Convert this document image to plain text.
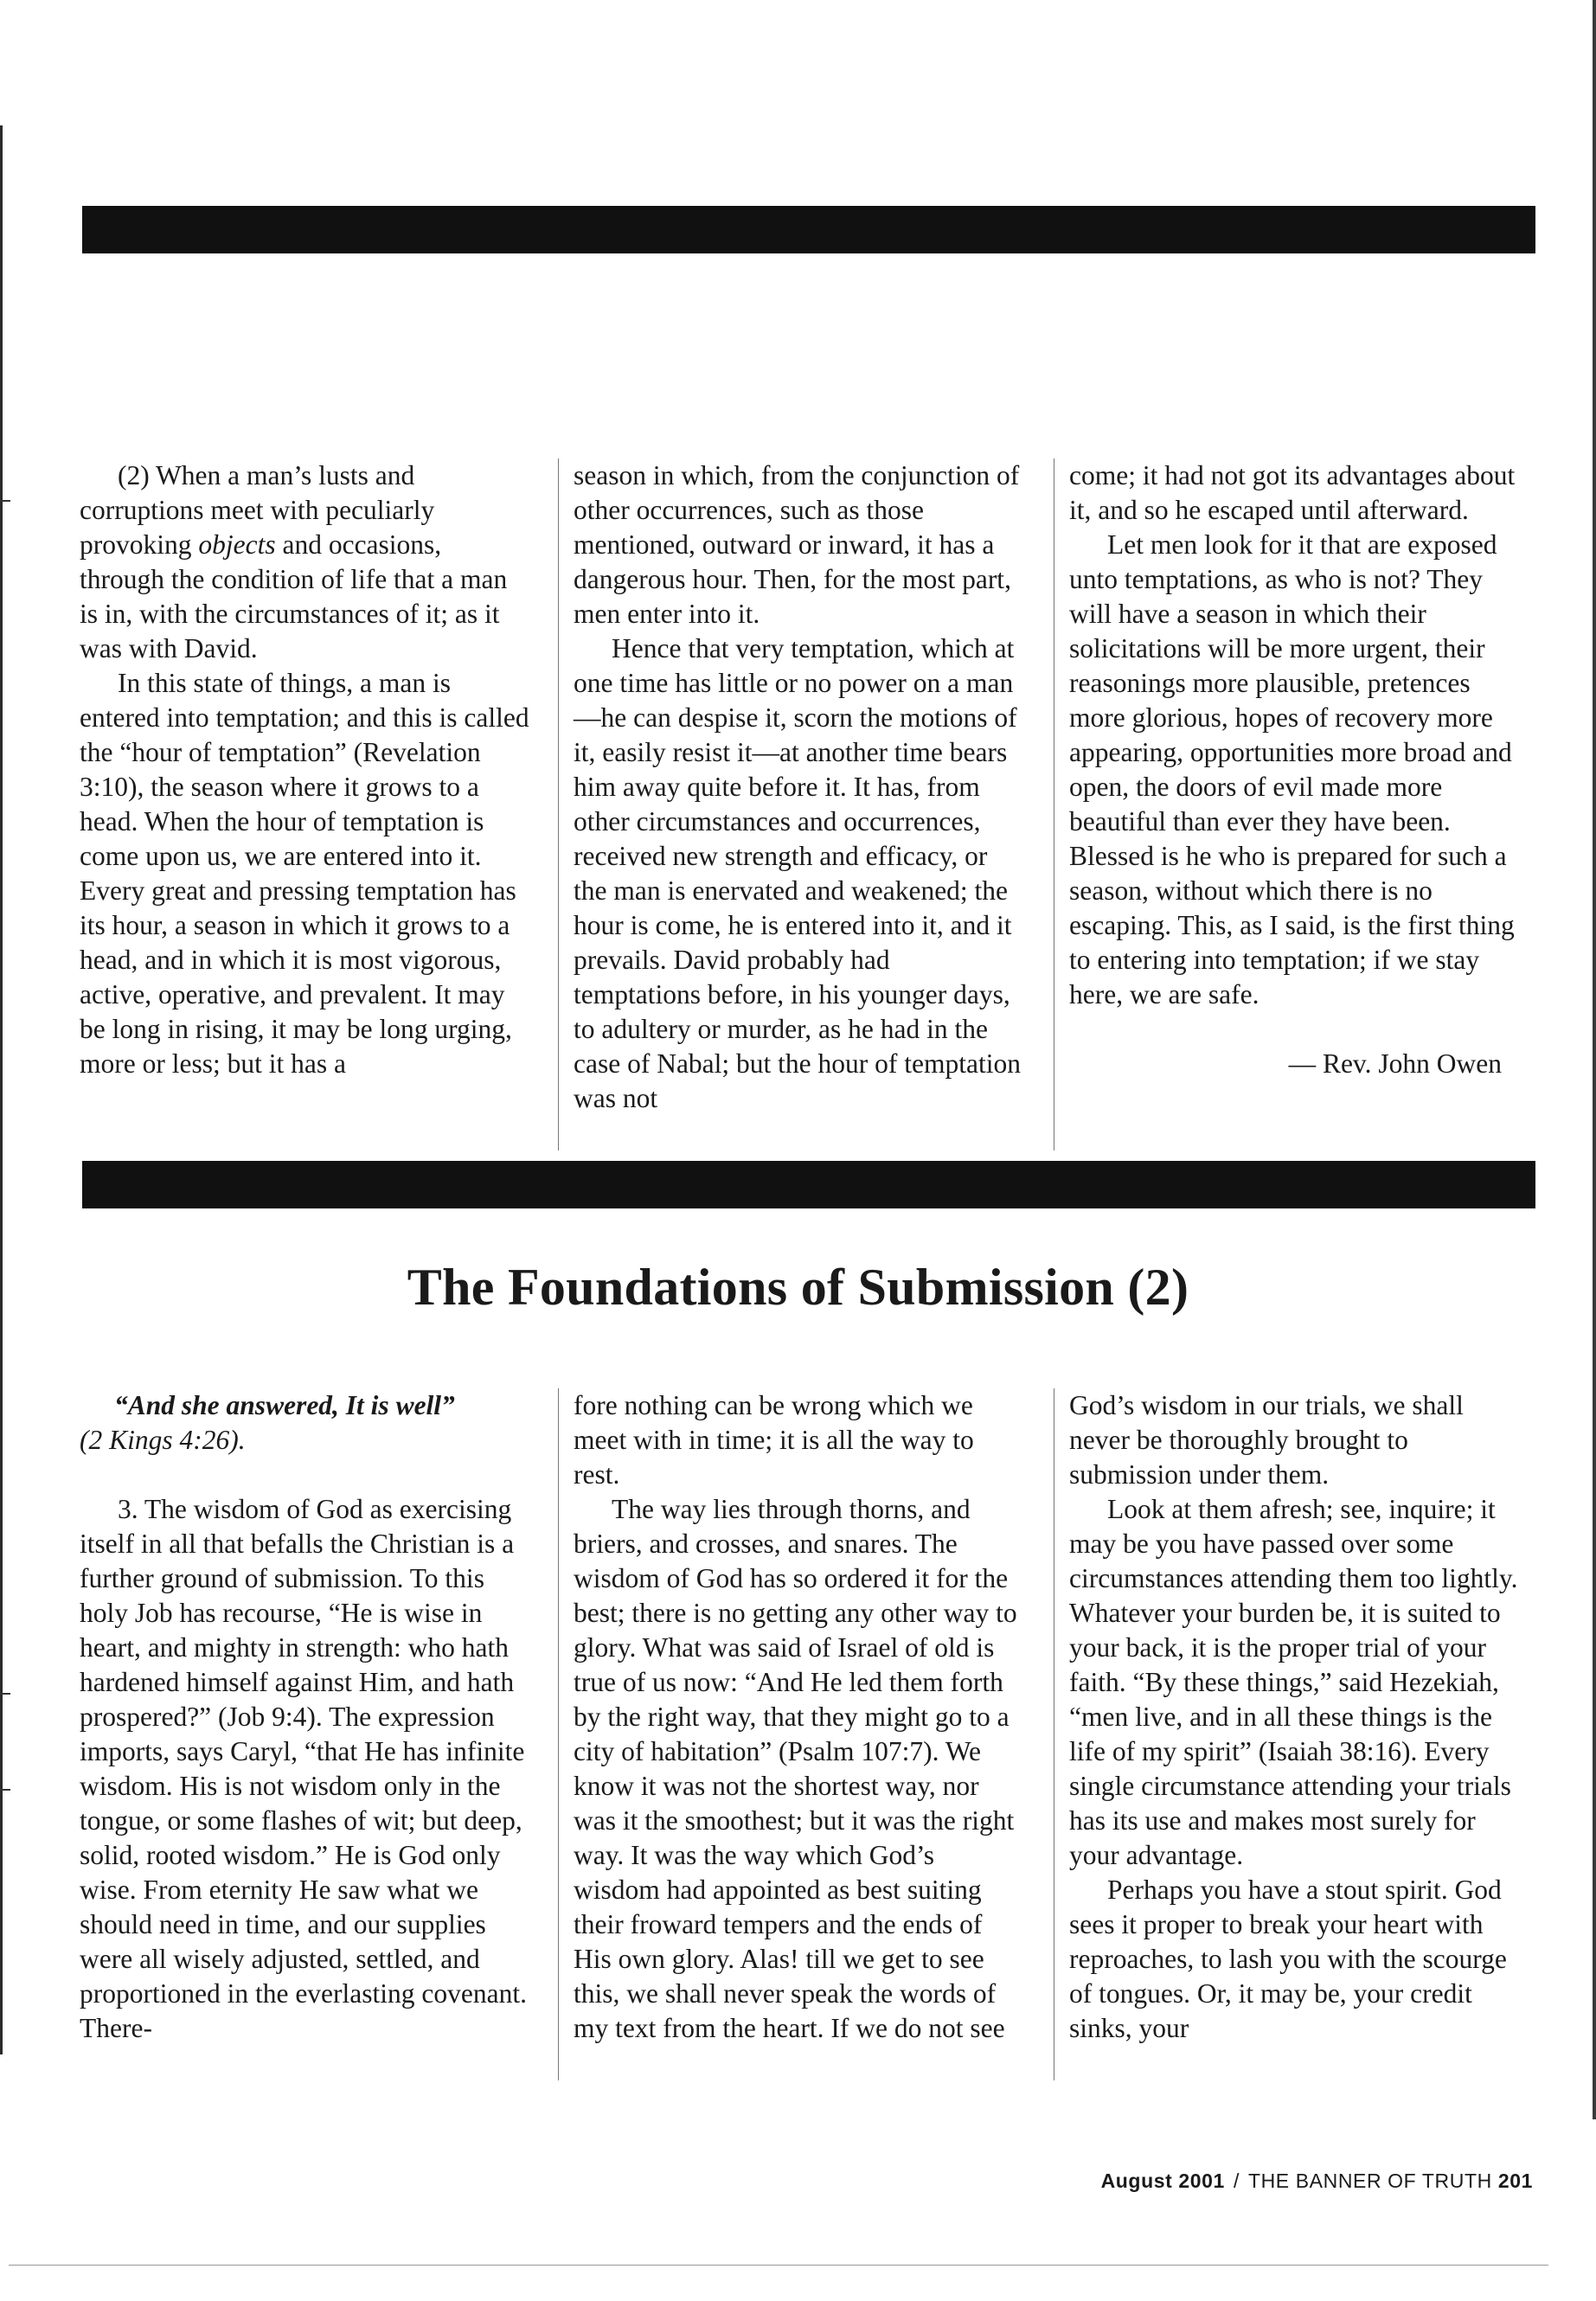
(2) When a man’s lusts and corruptions meet with peculiarly provoking objects and occasions, through the condition of life that a man is in, with the circumstances of it; as it was with David.

In this state of things, a man is entered into temptation; and this is called the “hour of temptation” (Revelation 3:10), the season where it grows to a head. When the hour of temptation is come upon us, we are entered into it. Every great and pressing temptation has its hour, a season in which it grows to a head, and in which it is most vigorous, active, operative, and prevalent. It may be long in rising, it may be long urging, more or less; but it has a

season in which, from the conjunction of other occurrences, such as those mentioned, outward or inward, it has a dangerous hour. Then, for the most part, men enter into it.

Hence that very temptation, which at one time has little or no power on a man—he can despise it, scorn the motions of it, easily resist it—at another time bears him away quite before it. It has, from other circumstances and occurrences, received new strength and efficacy, or the man is enervated and weakened; the hour is come, he is entered into it, and it prevails. David probably had temptations before, in his younger days, to adultery or murder, as he had in the case of Nabal; but the hour of temptation was not

come; it had not got its advantages about it, and so he escaped until afterward.

Let men look for it that are exposed unto temptations, as who is not? They will have a season in which their solicitations will be more urgent, their reasonings more plausible, pretences more glorious, hopes of recovery more appearing, opportunities more broad and open, the doors of evil made more beautiful than ever they have been. Blessed is he who is prepared for such a season, without which there is no escaping. This, as I said, is the first thing to entering into temptation; if we stay here, we are safe.

— Rev. John Owen

The Foundations of Submission (2)

“And she answered, It is well”

(2 Kings 4:26).

3. The wisdom of God as exercising itself in all that befalls the Christian is a further ground of submission. To this holy Job has recourse, “He is wise in heart, and mighty in strength: who hath hardened himself against Him, and hath prospered?” (Job 9:4). The expression imports, says Caryl, “that He has infinite wisdom. His is not wisdom only in the tongue, or some flashes of wit; but deep, solid, rooted wisdom.” He is God only wise. From eternity He saw what we should need in time, and our supplies were all wisely adjusted, settled, and proportioned in the everlasting covenant. There-

fore nothing can be wrong which we meet with in time; it is all the way to rest.

The way lies through thorns, and briers, and crosses, and snares. The wisdom of God has so ordered it for the best; there is no getting any other way to glory. What was said of Israel of old is true of us now: “And He led them forth by the right way, that they might go to a city of habitation” (Psalm 107:7). We know it was not the shortest way, nor was it the smoothest; but it was the right way. It was the way which God’s wisdom had appointed as best suiting their froward tempers and the ends of His own glory. Alas! till we get to see this, we shall never speak the words of my text from the heart. If we do not see

God’s wisdom in our trials, we shall never be thoroughly brought to submission under them.

Look at them afresh; see, inquire; it may be you have passed over some circumstances attending them too lightly. Whatever your burden be, it is suited to your back, it is the proper trial of your faith. “By these things,” said Hezekiah, “men live, and in all these things is the life of my spirit” (Isaiah 38:16). Every single circumstance attending your trials has its use and makes most surely for your advantage.

Perhaps you have a stout spirit. God sees it proper to break your heart with reproaches, to lash you with the scourge of tongues. Or, it may be, your credit sinks, your

August 2001 / THE BANNER OF TRUTH 201
